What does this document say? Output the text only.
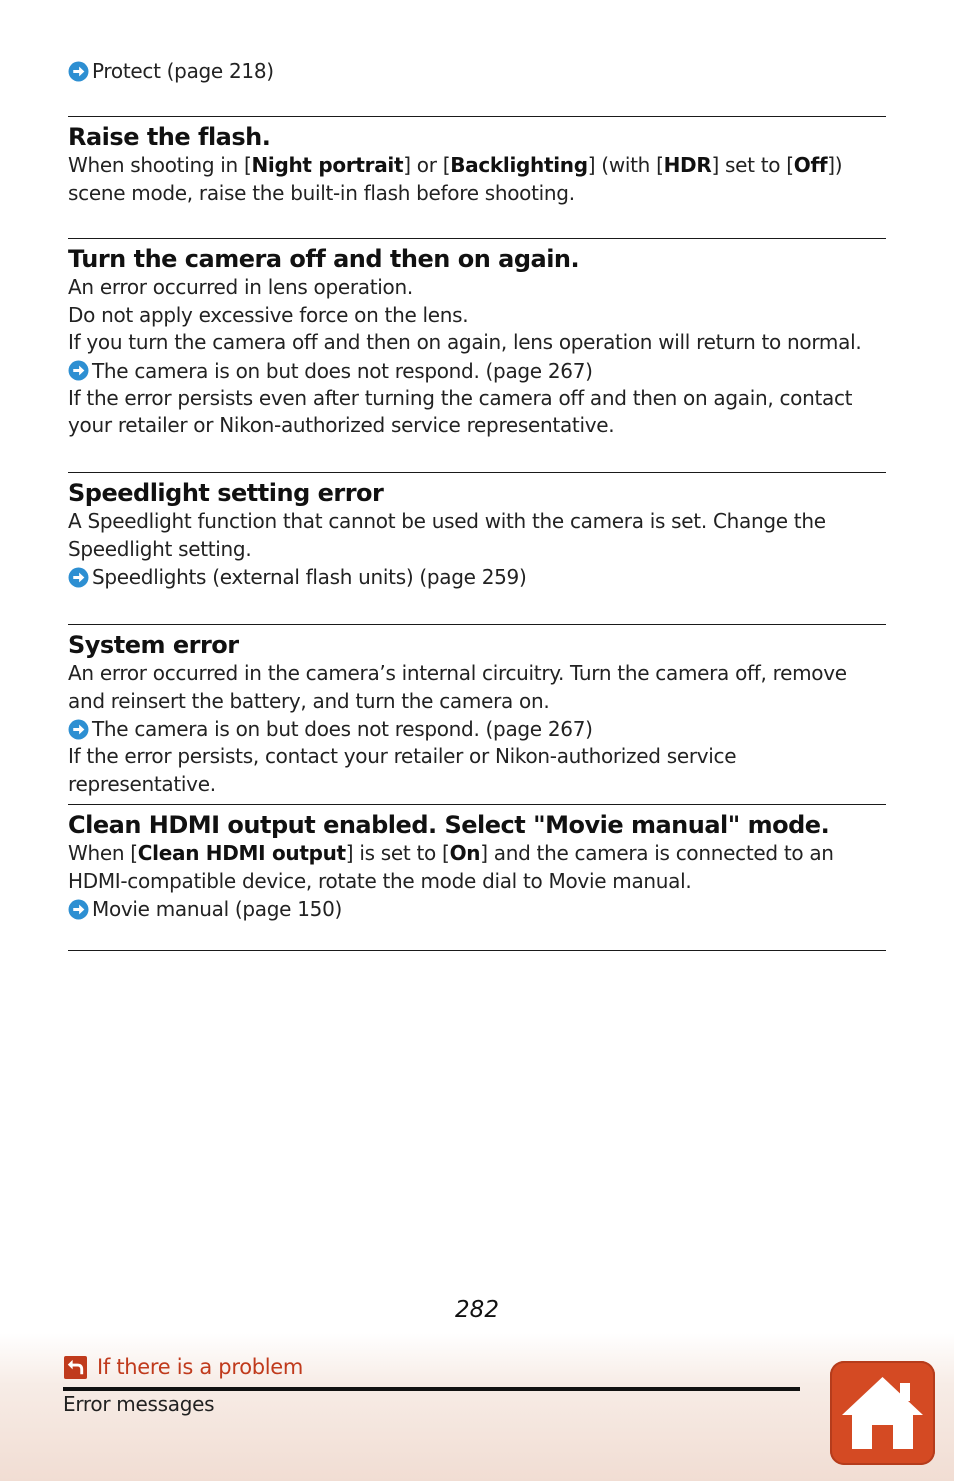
Protect (page 218)
Raise the flash.

When shooting in [Night portrait] or [Backlighting] (with [HDR] set to [Off]) scene mode, raise the built-in flash before shooting.

Turn the camera off and then on again.

An error occurred in lens operation.

Do not apply excessive force on the lens.

If you turn the camera off and then on again, lens operation will return to normal.

The camera is on but does not respond. (page 267)

If the error persists even after turning the camera off and then on again, contact your retailer or Nikon-authorized service representative.

Speedlight setting error

A Speedlight function that cannot be used with the camera is set. Change the Speedlight setting.

Speedlights (external flash units) (page 259)
System error

An error occurred in the camera’s internal circuitry. Turn the camera off, remove and reinsert the battery, and turn the camera on.

The camera is on but does not respond. (page 267)

If the error persists, contact your retailer or Nikon-authorized service representative.

Clean HDMI output enabled. Select "Movie manual" mode.

When [Clean HDMI output] is set to [On] and the camera is connected to an HDMI-compatible device, rotate the mode dial to Movie manual.

Movie manual (page 150)
282
If there is a problem
Error messages
